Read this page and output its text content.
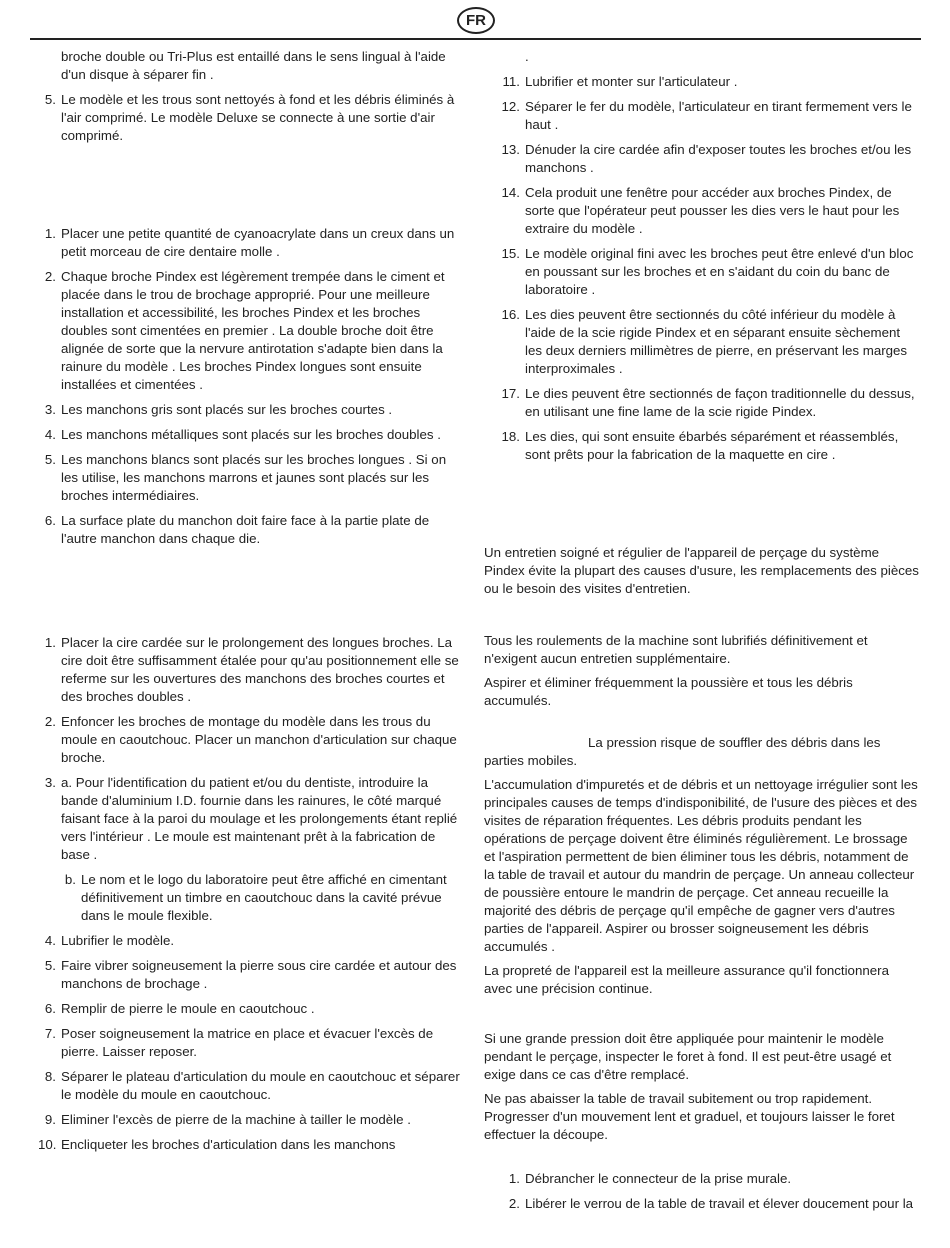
FR
broche double ou Tri-Plus est entaillé dans le sens lingual à l'aide d'un disque à séparer fin .
5. Le modèle et les trous sont nettoyés à fond et les débris éliminés à l'air comprimé. Le modèle Deluxe se connecte à une sortie d'air comprimé.
1. Placer une petite quantité de cyanoacrylate dans un creux dans un petit morceau de cire dentaire molle .
2. Chaque broche Pindex est légèrement trempée dans le ciment et placée dans le trou de brochage approprié. Pour une meilleure installation et accessibilité, les broches Pindex et les broches doubles sont cimentées en premier . La double broche doit être alignée de sorte que la nervure antirotation s'adapte bien dans la rainure du modèle . Les broches Pindex longues sont ensuite installées et cimentées .
3. Les manchons gris sont placés sur les broches courtes .
4. Les manchons métalliques sont placés sur les broches doubles .
5. Les manchons blancs sont placés sur les broches longues . Si on les utilise, les manchons marrons et jaunes sont placés sur les broches intermédiaires.
6. La surface plate du manchon doit faire face à la partie plate de l'autre manchon dans chaque die.
1. Placer la cire cardée sur le prolongement des longues broches. La cire doit être suffisamment étalée pour qu'au positionnement elle se referme sur les ouvertures des manchons des broches courtes et des broches doubles .
2. Enfoncer les broches de montage du modèle dans les trous du moule en caoutchouc. Placer un manchon d'articulation sur chaque broche.
3. a. Pour l'identification du patient et/ou du dentiste, introduire la bande d'aluminium I.D. fournie dans les rainures, le côté marqué faisant face à la paroi du moulage et les prolongements étant replié vers l'intérieur . Le moule est maintenant prêt à la fabrication de base .
b. Le nom et le logo du laboratoire peut être affiché en cimentant définitivement un timbre en caoutchouc dans la cavité prévue dans le moule flexible.
4. Lubrifier le modèle.
5. Faire vibrer soigneusement la pierre sous cire cardée et autour des manchons de brochage .
6. Remplir de pierre le moule en caoutchouc .
7. Poser soigneusement la matrice en place et évacuer l'excès de pierre. Laisser reposer.
8. Séparer le plateau d'articulation du moule en caoutchouc et séparer le modèle du moule en caoutchouc.
9. Eliminer l'excès de pierre de la machine à tailler le modèle .
10. Encliqueter les broches d'articulation dans les manchons
.
11. Lubrifier et monter sur l'articulateur .
12. Séparer le fer du modèle, l'articulateur en tirant fermement vers le haut .
13. Dénuder la cire cardée afin d'exposer toutes les broches et/ou les manchons .
14. Cela produit une fenêtre pour accéder aux broches Pindex, de sorte que l'opérateur peut pousser les dies vers le haut pour les extraire du modèle .
15. Le modèle original fini avec les broches peut être enlevé d'un bloc en poussant sur les broches et en s'aidant du coin du banc de laboratoire .
16. Les dies peuvent être sectionnés du côté inférieur du modèle à l'aide de la scie rigide Pindex et en séparant ensuite sèchement les deux derniers millimètres de pierre, en préservant les marges interproximales .
17. Le dies peuvent être sectionnés de façon traditionnelle du dessus, en utilisant une fine lame de la scie rigide Pindex.
18. Les dies, qui sont ensuite ébarbés séparément et réassemblés, sont prêts pour la fabrication de la maquette en cire .

Un entretien soigné et régulier de l'appareil de perçage du système Pindex évite la plupart des causes d'usure, les remplacements des pièces ou le besoin des visites d'entretien.

Tous les roulements de la machine sont lubrifiés définitivement et n'exigent aucun entretien supplémentaire.

Aspirer et éliminer fréquemment la poussière et tous les débris accumulés.

La pression risque de souffler des débris dans les parties mobiles.

L'accumulation d'impuretés et de débris et un nettoyage irrégulier sont les principales causes de temps d'indisponibilité, de l'usure des pièces et des visites de réparation fréquentes. Les débris produits pendant les opérations de perçage doivent être éliminés régulièrement. Le brossage et l'aspiration permettent de bien éliminer tous les débris, notamment de la table de travail et autour du mandrin de perçage. Un anneau collecteur de poussière entoure le mandrin de perçage. Cet anneau recueille la majorité des débris de perçage qu'il empêche de gagner vers d'autres parties de l'appareil. Aspirer ou brosser soigneusement les débris accumulés .

La propreté de l'appareil est la meilleure assurance qu'il fonctionnera avec une précision continue.

Si une grande pression doit être appliquée pour maintenir le modèle pendant le perçage, inspecter le foret à fond. Il est peut-être usagé et exige dans ce cas d'être remplacé.

Ne pas abaisser la table de travail subitement ou trop rapidement. Progresser d'un mouvement lent et graduel, et toujours laisser le foret effectuer la découpe.

1. Débrancher le connecteur de la prise murale.
2. Libérer le verrou de la table de travail et élever doucement pour la
